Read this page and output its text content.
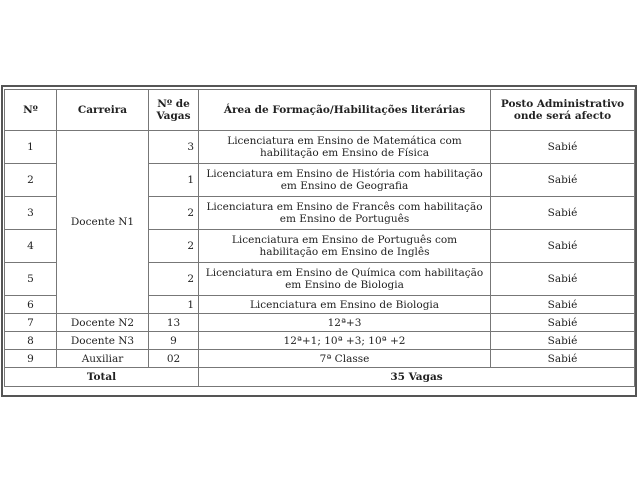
Nº	Carreira	Nº de Vagas	Área de Formação/Habilitações literárias	Posto Administrativo onde será afecto
1	Docente N1	3	Licenciatura em Ensino de Matemática com habilitação em Ensino de Física	Sabié
2		1	Licenciatura em Ensino de História com habilitação em Ensino de Geografia	Sabié
3		2	Licenciatura em Ensino de Francês com habilitação em Ensino de Português	Sabié
4		2	Licenciatura em Ensino de Português com habilitação em Ensino de Inglês	Sabié
5		2	Licenciatura em Ensino de Química com habilitação em Ensino de Biologia	Sabié
6		1	Licenciatura em Ensino de Biologia	Sabié
7	Docente N2	13	12ª+3	Sabié
8	Docente N3	9	12ª+1; 10ª +3; 10ª +2	Sabié
9	Auxiliar	02	7ª Classe	Sabié
Total			35 Vagas	
